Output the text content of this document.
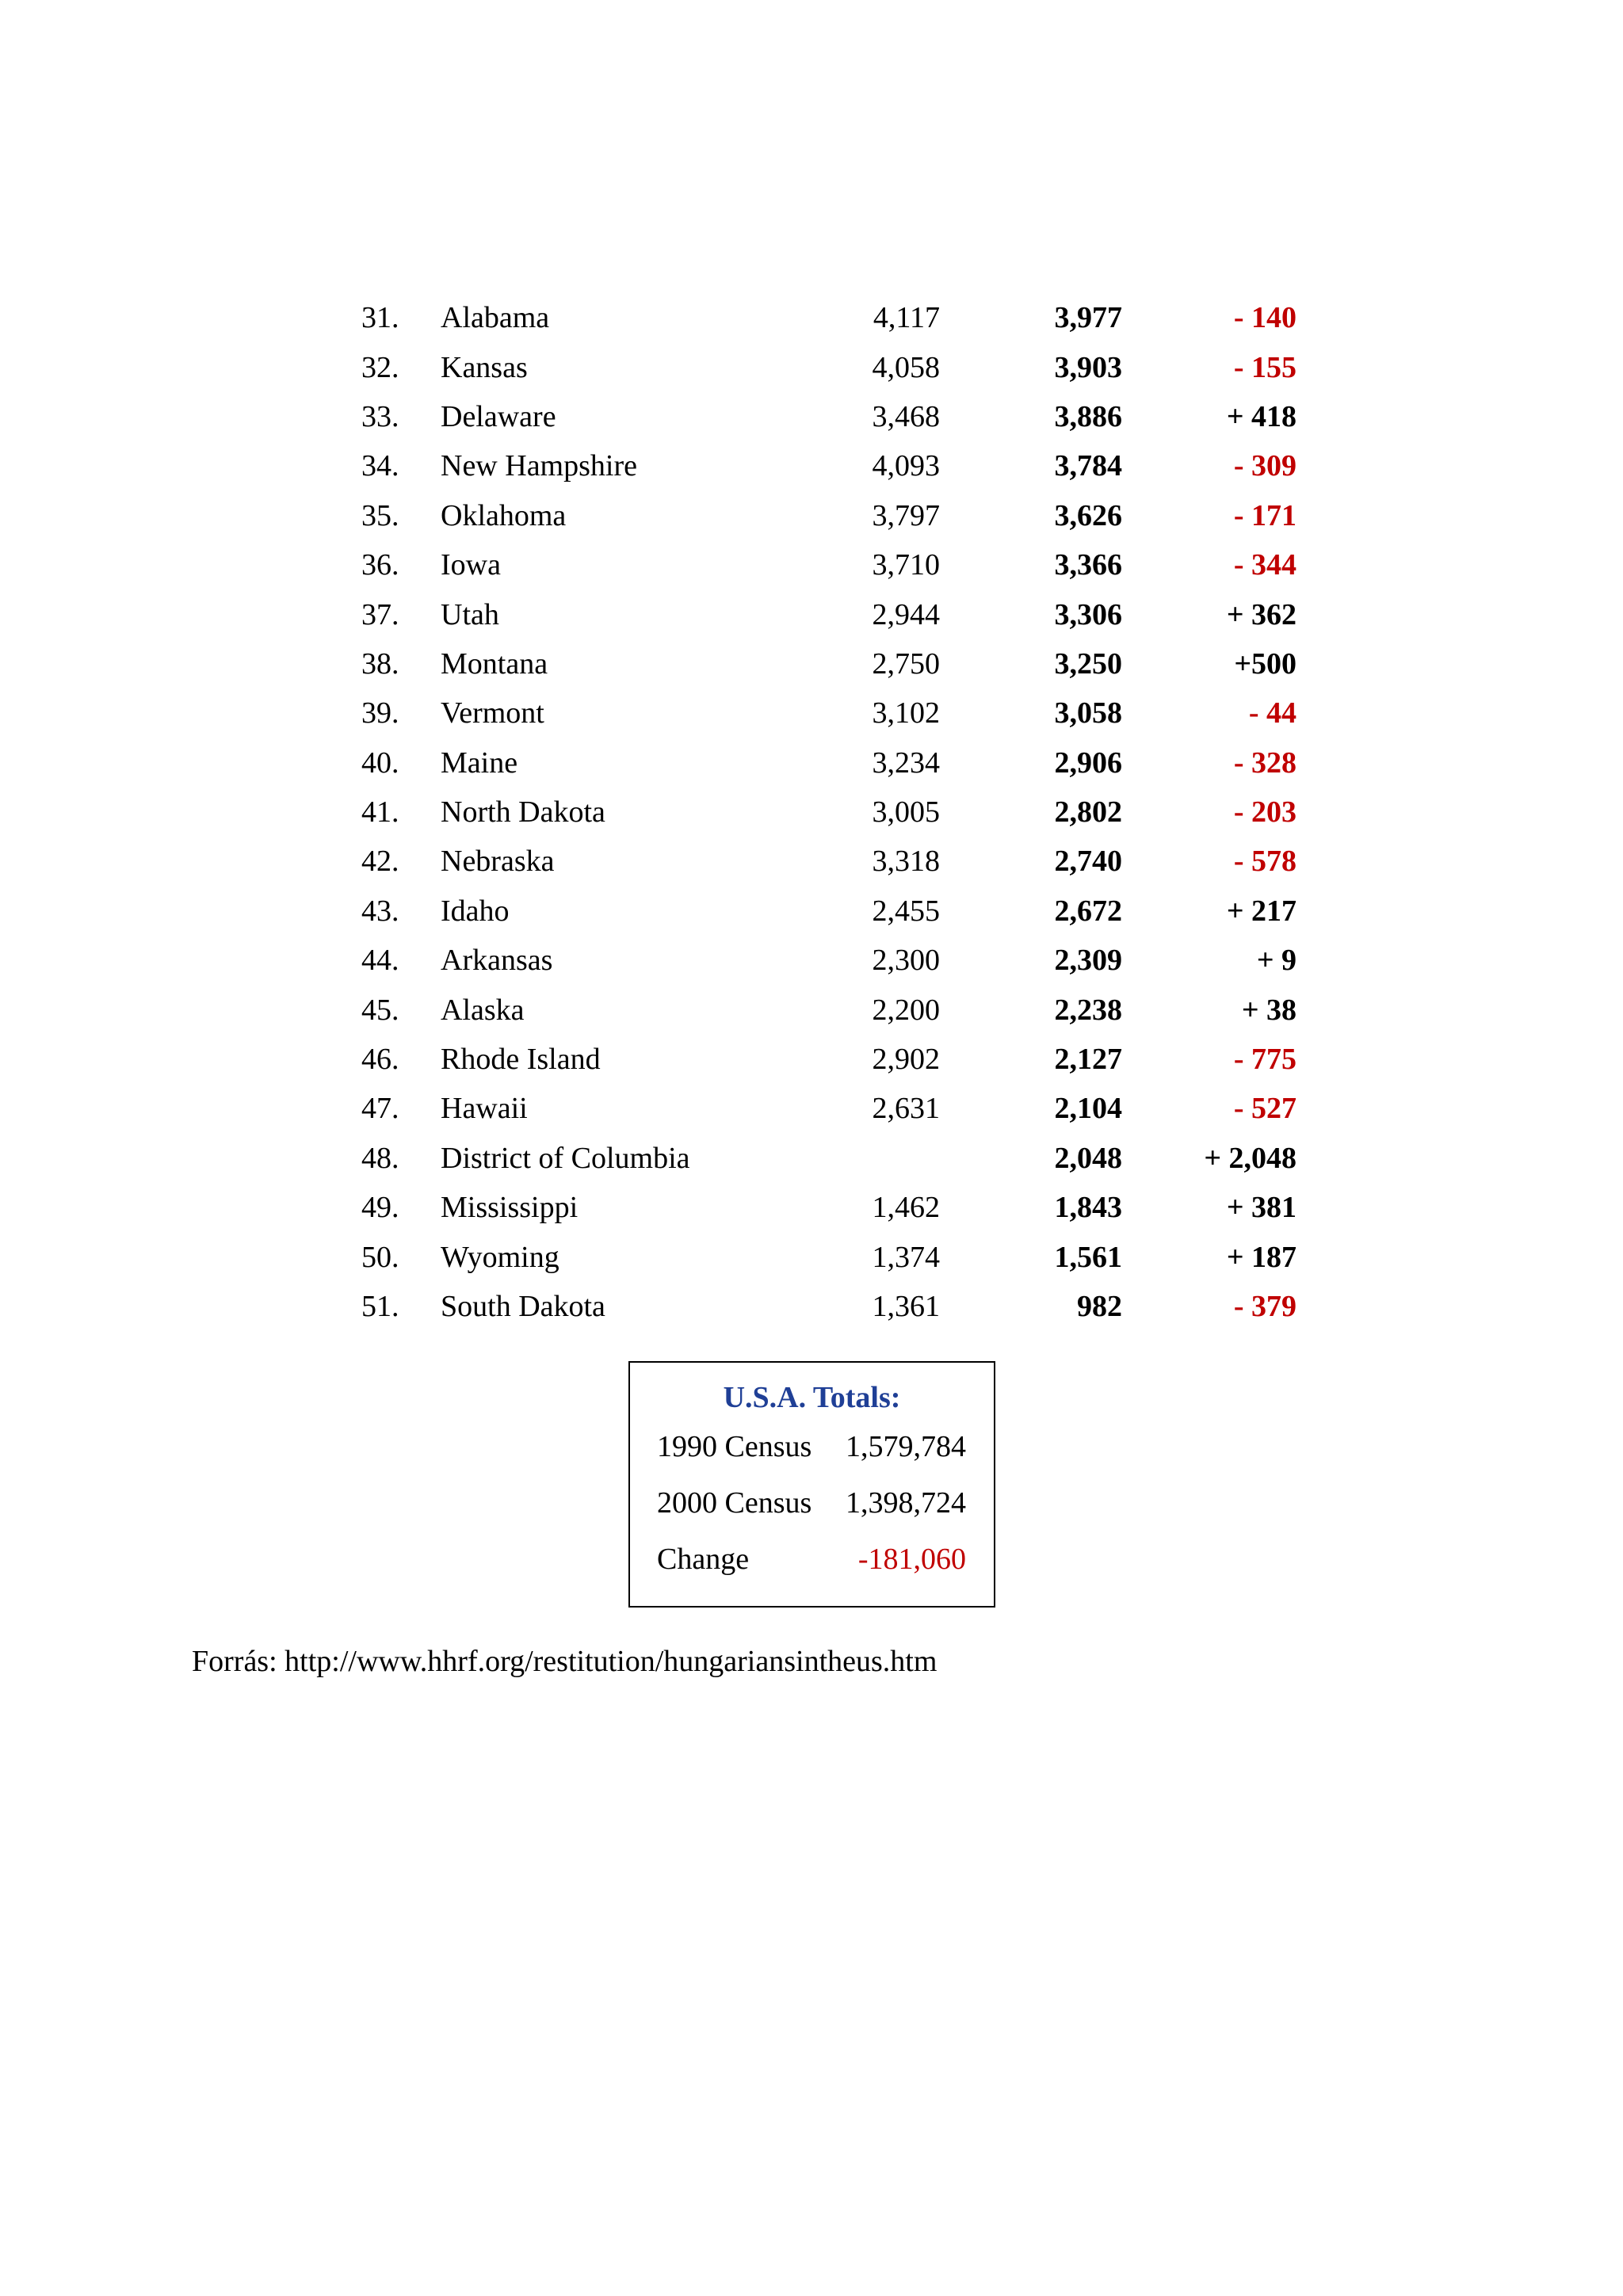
31.	Alabama	4,117	3,977	- 140
32.	Kansas	4,058	3,903	- 155
33.	Delaware	3,468	3,886	+ 418
34.	New Hampshire	4,093	3,784	- 309
35.	Oklahoma	3,797	3,626	- 171
36.	Iowa	3,710	3,366	- 344
37.	Utah	2,944	3,306	+ 362
38.	Montana	2,750	3,250	+500
39.	Vermont	3,102	3,058	- 44
40.	Maine	3,234	2,906	- 328
41.	North Dakota	3,005	2,802	- 203
42.	Nebraska	3,318	2,740	- 578
43.	Idaho	2,455	2,672	+ 217
44.	Arkansas	2,300	2,309	+ 9
45.	Alaska	2,200	2,238	+ 38
46.	Rhode Island	2,902	2,127	- 775
47.	Hawaii	2,631	2,104	- 527
48.	District of Columbia		2,048	+ 2,048
49.	Mississippi	1,462	1,843	+ 381
50.	Wyoming	1,374	1,561	+ 187
51.	South Dakota	1,361	982	- 379
U.S.A. Totals:
1990 Census 1,579,784
2000 Census 1,398,724
Change	-181,060
Forrás: http://www.hhrf.org/restitution/hungariansintheus.htm
